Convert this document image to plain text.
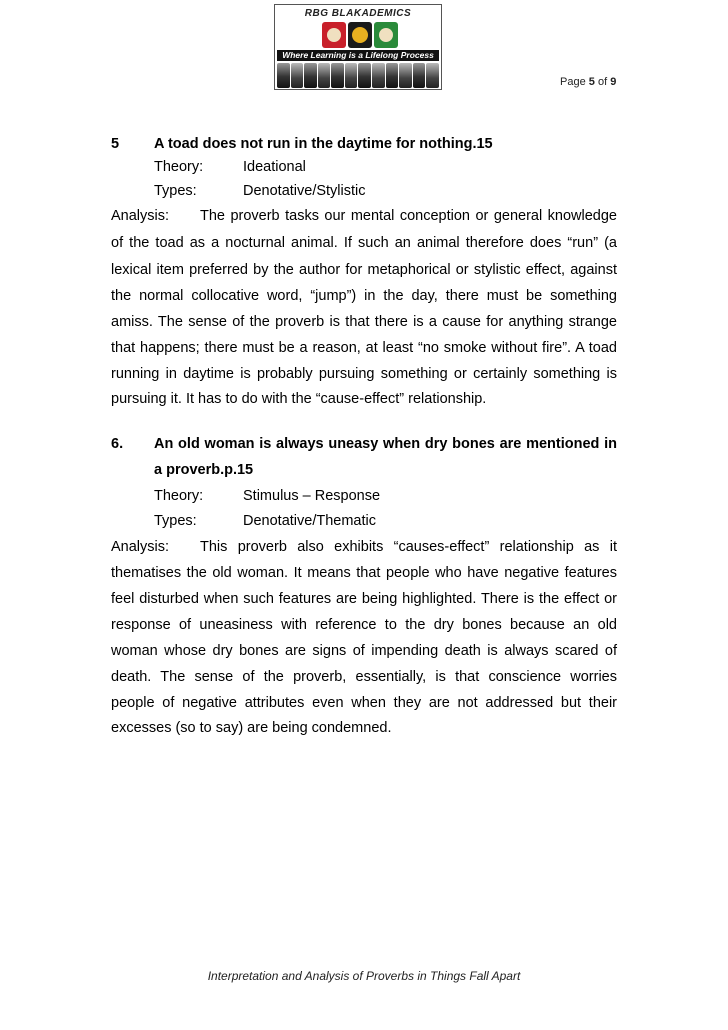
RBG BLAKADEMICS
Where Learning is a Lifelong Process
Page 5 of 9
5 A toad does not run in the daytime for nothing.15
Theory:	Ideational
Types:	Denotative/Stylistic
Analysis: The proverb tasks our mental conception or general knowledge
of the toad as a nocturnal animal. If such an animal therefore does “run” (a
lexical item preferred by the author for metaphorical or stylistic effect, against
the normal collocative word, “jump”) in the day, there must be something
amiss. The sense of the proverb is that there is a cause for anything strange
that happens; there must be a reason, at least “no smoke without fire”. A toad
running in daytime is probably pursuing something or certainly something is
pursuing it. It has to do with the “cause-effect” relationship.
6. An old woman is always uneasy when dry bones are mentioned in
a proverb.p.15
Theory:	Stimulus – Response
Types:	Denotative/Thematic
Analysis: This proverb also exhibits “causes-effect” relationship as it
thematises the old woman. It means that people who have negative features
feel disturbed when such features are being highlighted. There is the effect or
response of uneasiness with reference to the dry bones because an old
woman whose dry bones are signs of impending death is always scared of
death. The sense of the proverb, essentially, is that conscience worries
people of negative attributes even when they are not addressed but their
excesses (so to say) are being condemned.
Interpretation and Analysis of Proverbs in Things Fall Apart
